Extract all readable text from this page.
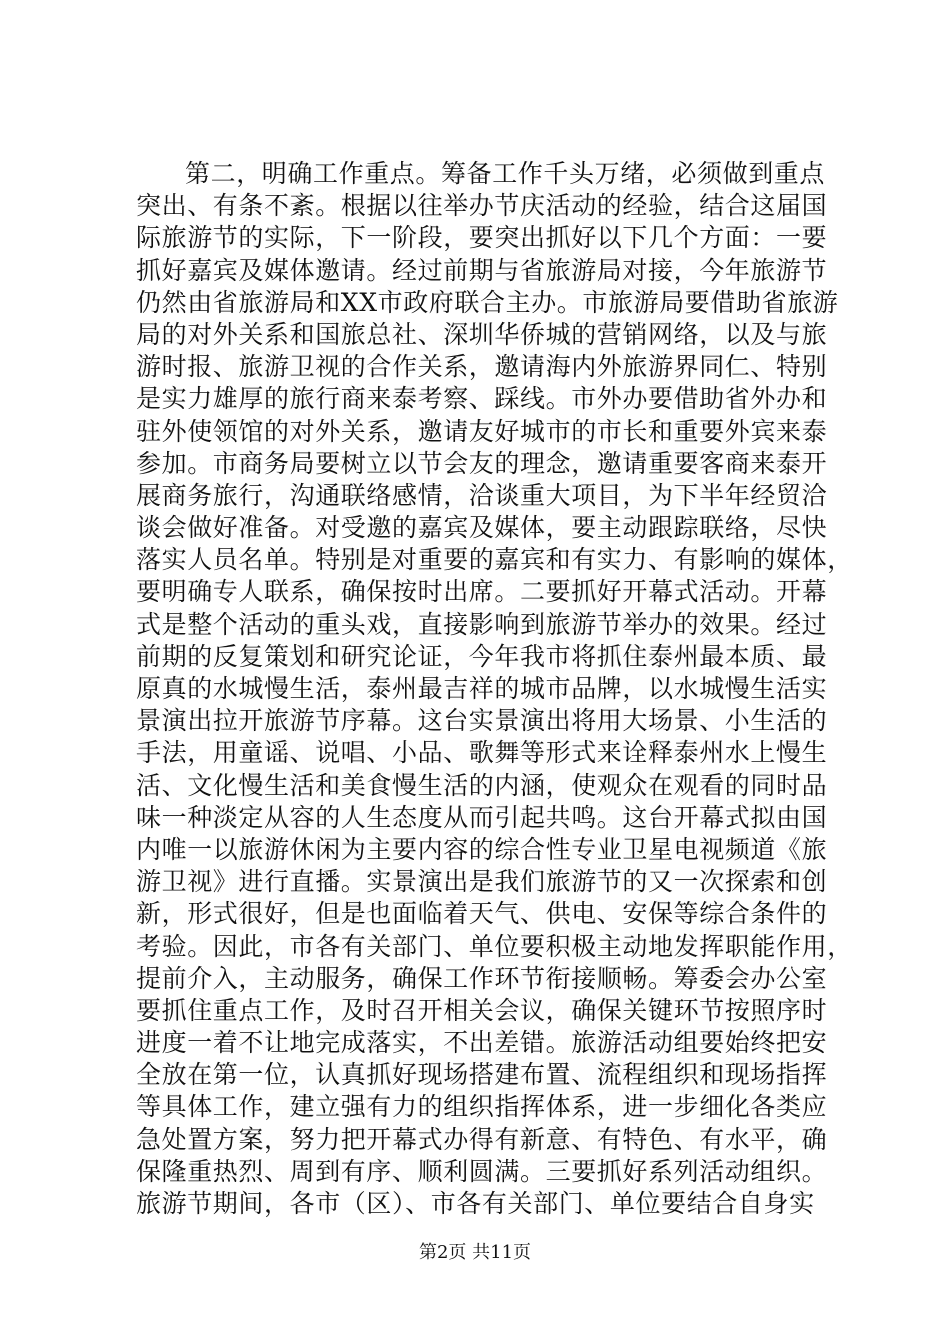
第二，明确工作重点。筹备工作千头万绪，必须做到重点
突出、有条不紊。根据以往举办节庆活动的经验，结合这届国
际旅游节的实际，下一阶段，要突出抓好以下几个方面：一要
抓好嘉宾及媒体邀请。经过前期与省旅游局对接，今年旅游节
仍然由省旅游局和XX市政府联合主办。市旅游局要借助省旅游
局的对外关系和国旅总社、深圳华侨城的营销网络，以及与旅
游时报、旅游卫视的合作关系，邀请海内外旅游界同仁、特别
是实力雄厚的旅行商来泰考察、踩线。市外办要借助省外办和
驻外使领馆的对外关系，邀请友好城市的市长和重要外宾来泰
参加。市商务局要树立以节会友的理念，邀请重要客商来泰开
展商务旅行，沟通联络感情，洽谈重大项目，为下半年经贸洽
谈会做好准备。对受邀的嘉宾及媒体，要主动跟踪联络，尽快
落实人员名单。特别是对重要的嘉宾和有实力、有影响的媒体，
要明确专人联系，确保按时出席。二要抓好开幕式活动。开幕
式是整个活动的重头戏，直接影响到旅游节举办的效果。经过
前期的反复策划和研究论证，今年我市将抓住泰州最本质、最
原真的水城慢生活，泰州最吉祥的城市品牌，以水城慢生活实
景演出拉开旅游节序幕。这台实景演出将用大场景、小生活的
手法，用童谣、说唱、小品、歌舞等形式来诠释泰州水上慢生
活、文化慢生活和美食慢生活的内涵，使观众在观看的同时品
味一种淡定从容的人生态度从而引起共鸣。这台开幕式拟由国
内唯一以旅游休闲为主要内容的综合性专业卫星电视频道《旅
游卫视》进行直播。实景演出是我们旅游节的又一次探索和创
新，形式很好，但是也面临着天气、供电、安保等综合条件的
考验。因此，市各有关部门、单位要积极主动地发挥职能作用，
提前介入，主动服务，确保工作环节衔接顺畅。筹委会办公室
要抓住重点工作，及时召开相关会议，确保关键环节按照序时
进度一着不让地完成落实，不出差错。旅游活动组要始终把安
全放在第一位，认真抓好现场搭建布置、流程组织和现场指挥
等具体工作，建立强有力的组织指挥体系，进一步细化各类应
急处置方案，努力把开幕式办得有新意、有特色、有水平，确
保隆重热烈、周到有序、顺利圆满。三要抓好系列活动组织。
旅游节期间，各市（区）、市各有关部门、单位要结合自身实
第2页 共11页
